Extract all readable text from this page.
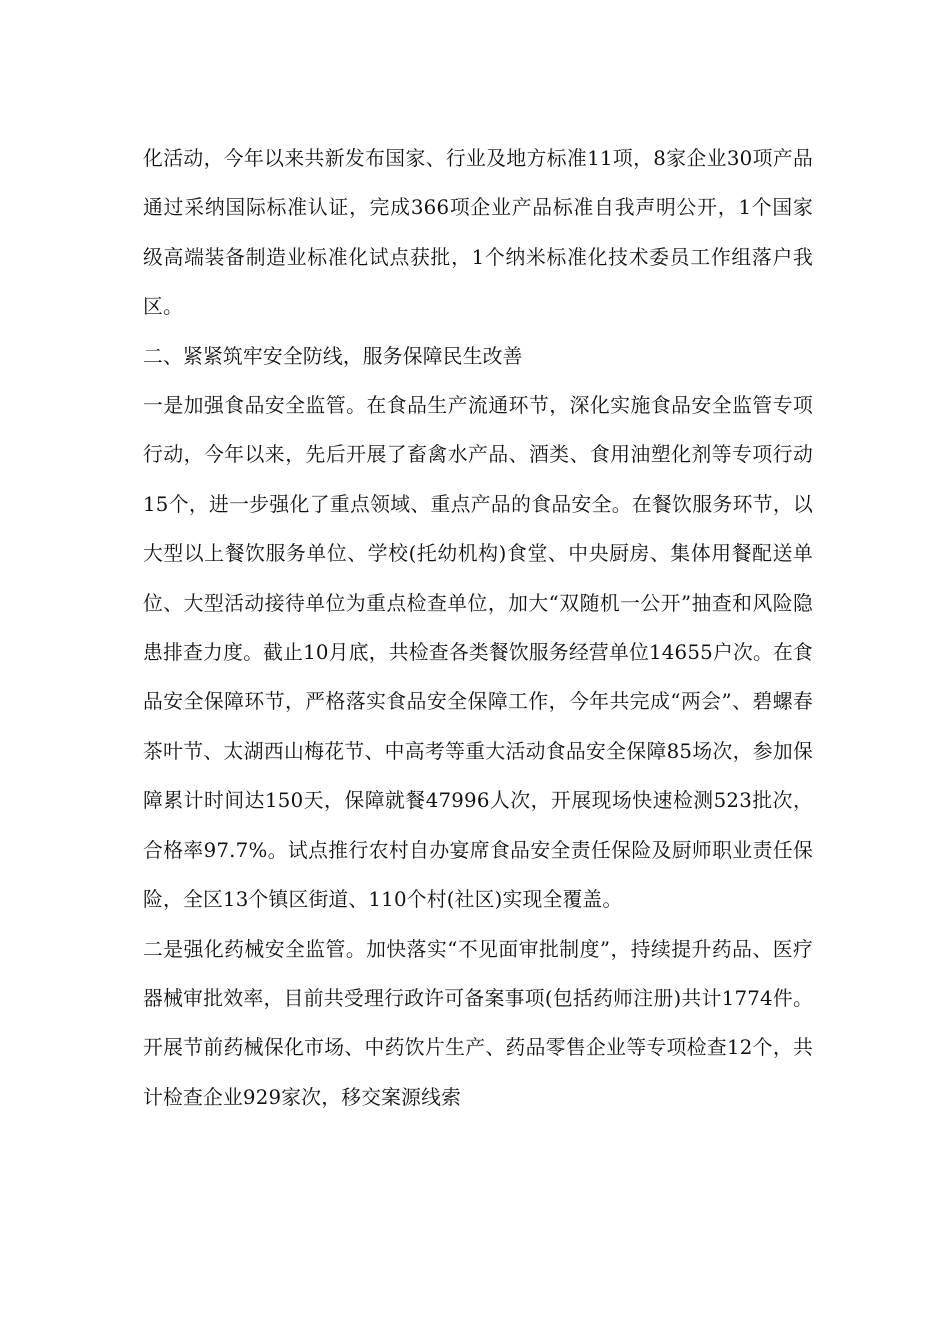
化活动，今年以来共新发布国家、行业及地方标准11项，8家企业30项产品通过采纳国际标准认证，完成366项企业产品标准自我声明公开，1个国家级高端装备制造业标准化试点获批，1个纳米标准化技术委员工作组落户我区。

二、紧紧筑牢安全防线，服务保障民生改善

一是加强食品安全监管。在食品生产流通环节，深化实施食品安全监管专项行动，今年以来，先后开展了畜禽水产品、酒类、食用油塑化剂等专项行动15个，进一步强化了重点领域、重点产品的食品安全。在餐饮服务环节，以大型以上餐饮服务单位、学校(托幼机构)食堂、中央厨房、集体用餐配送单位、大型活动接待单位为重点检查单位，加大“双随机一公开”抽查和风险隐患排查力度。截止10月底，共检查各类餐饮服务经营单位14655户次。在食品安全保障环节，严格落实食品安全保障工作，今年共完成“两会”、碧螺春茶叶节、太湖西山梅花节、中高考等重大活动食品安全保障85场次，参加保障累计时间达150天，保障就餐47996人次，开展现场快速检测523批次，合格率97.7%。试点推行农村自办宴席食品安全责任保险及厨师职业责任保险，全区13个镇区街道、110个村(社区)实现全覆盖。

二是强化药械安全监管。加快落实“不见面审批制度”，持续提升药品、医疗器械审批效率，目前共受理行政许可备案事项(包括药师注册)共计1774件。开展节前药械保化市场、中药饮片生产、药品零售企业等专项检查12个，共计检查企业929家次，移交案源线索
